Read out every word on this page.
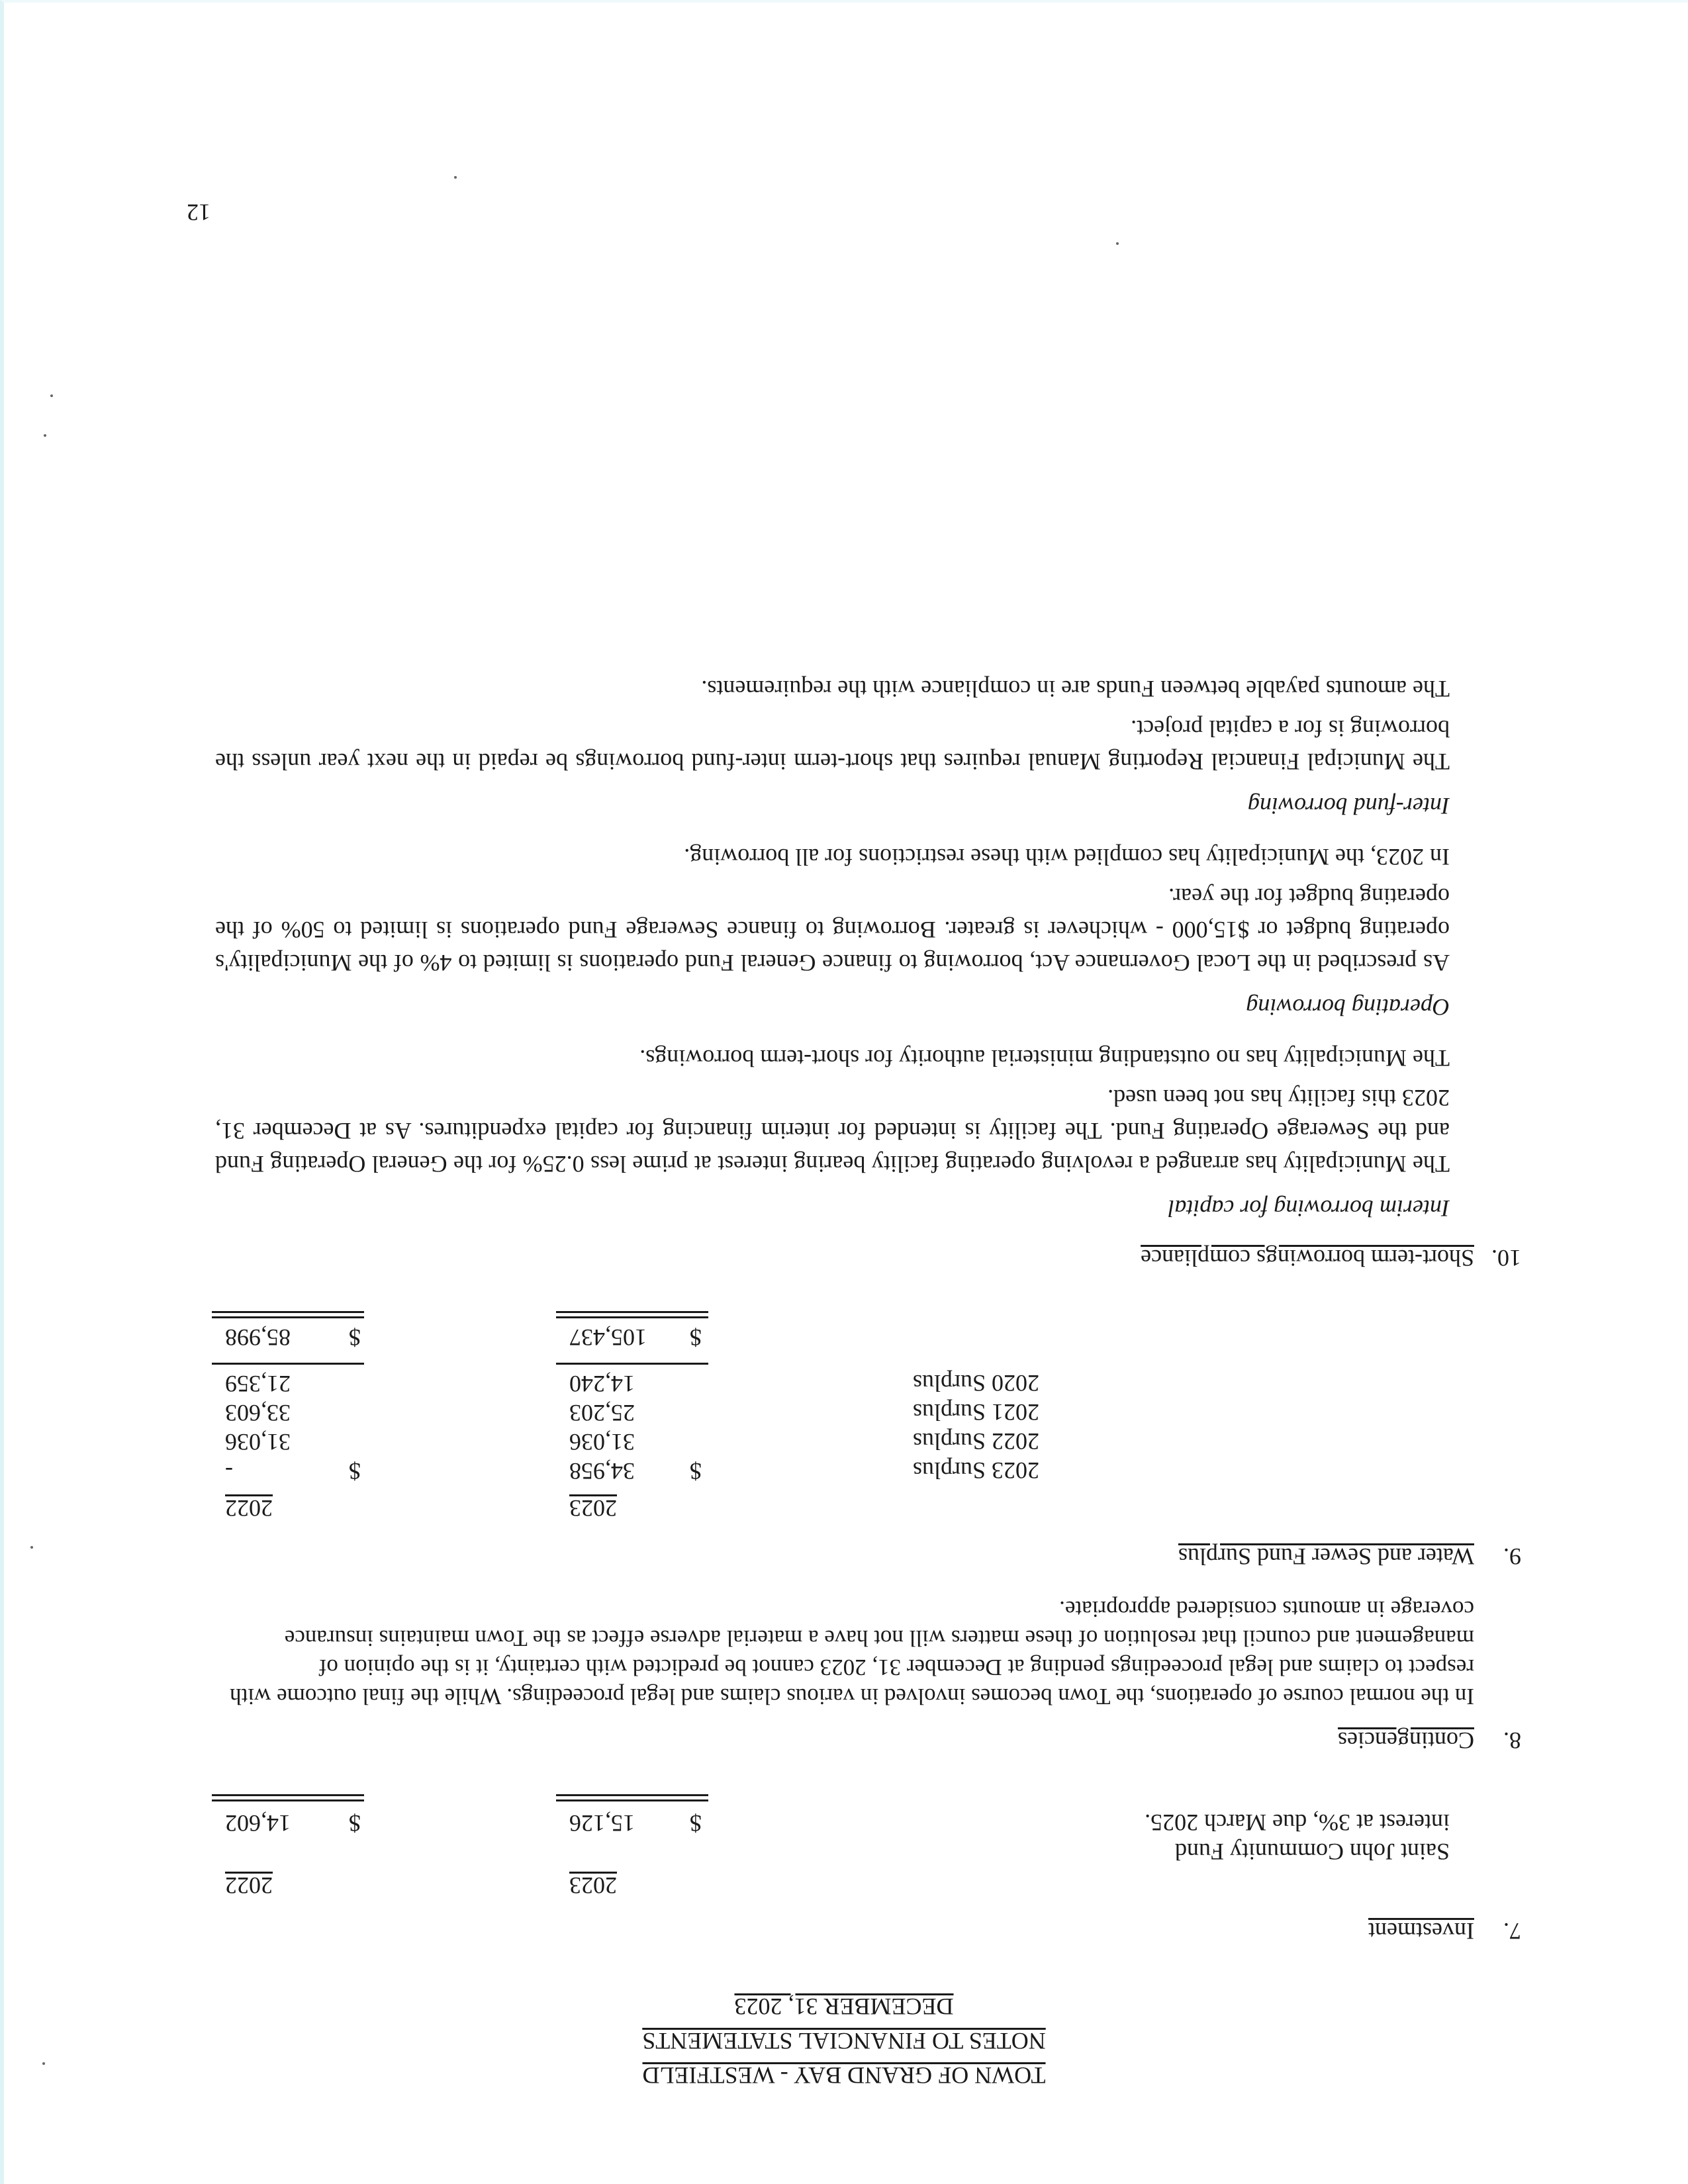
TOWN OF GRAND BAY - WESTFIELD
NOTES TO FINANCIAL STATEMENTS
DECEMBER 31, 2023
7.
Investment
2023
2022
Saint John Community Fund
interest at 3%, due March 2025.
$
15,126
$
14,602
8.
Contingencies
In the normal course of operations, the Town becomes involved in various claims and legal proceedings. While the final outcome with
respect to claims and legal proceedings pending at December 31, 2023 cannot be predicted with certainty, it is the opinion of
management and council that resolution of these matters will not have a material adverse effect as the Town maintains insurance
coverage in amounts considered appropriate.
9.
Water and Sewer Fund Surplus
2023
2022
2023 Surplus
$
34,958
$
-
2022 Surplus
31,036
31,036
2021 Surplus
25,203
33,603
2020 Surplus
14,240
21,359
$
105,437
$
85,998
10.
Short-term borrowings compliance
Interim borrowing for capital
The Municipality has arranged a revolving operating facility bearing interest at prime less 0.25% for the General Operating Fund and the Sewerage Operating Fund. The facility is intended for interim financing for capital expenditures. As at December 31, 2023 this facility has not been used.
The Municipality has no outstanding ministerial authority for short-term borrowings.
Operating borrowing
As prescribed in the Local Governance Act, borrowing to finance General Fund operations is limited to 4% of the Municipality's operating budget or $15,000 - whichever is greater. Borrowing to finance Sewerage Fund operations is limited to 50% of the operating budget for the year.
In 2023, the Municipality has complied with these restrictions for all borrowing.
Inter-fund borrowing
The Municipal Financial Reporting Manual requires that short-term inter-fund borrowings be repaid in the next year unless the borrowing is for a capital project.
The amounts payable between Funds are in compliance with the requirements.
12
